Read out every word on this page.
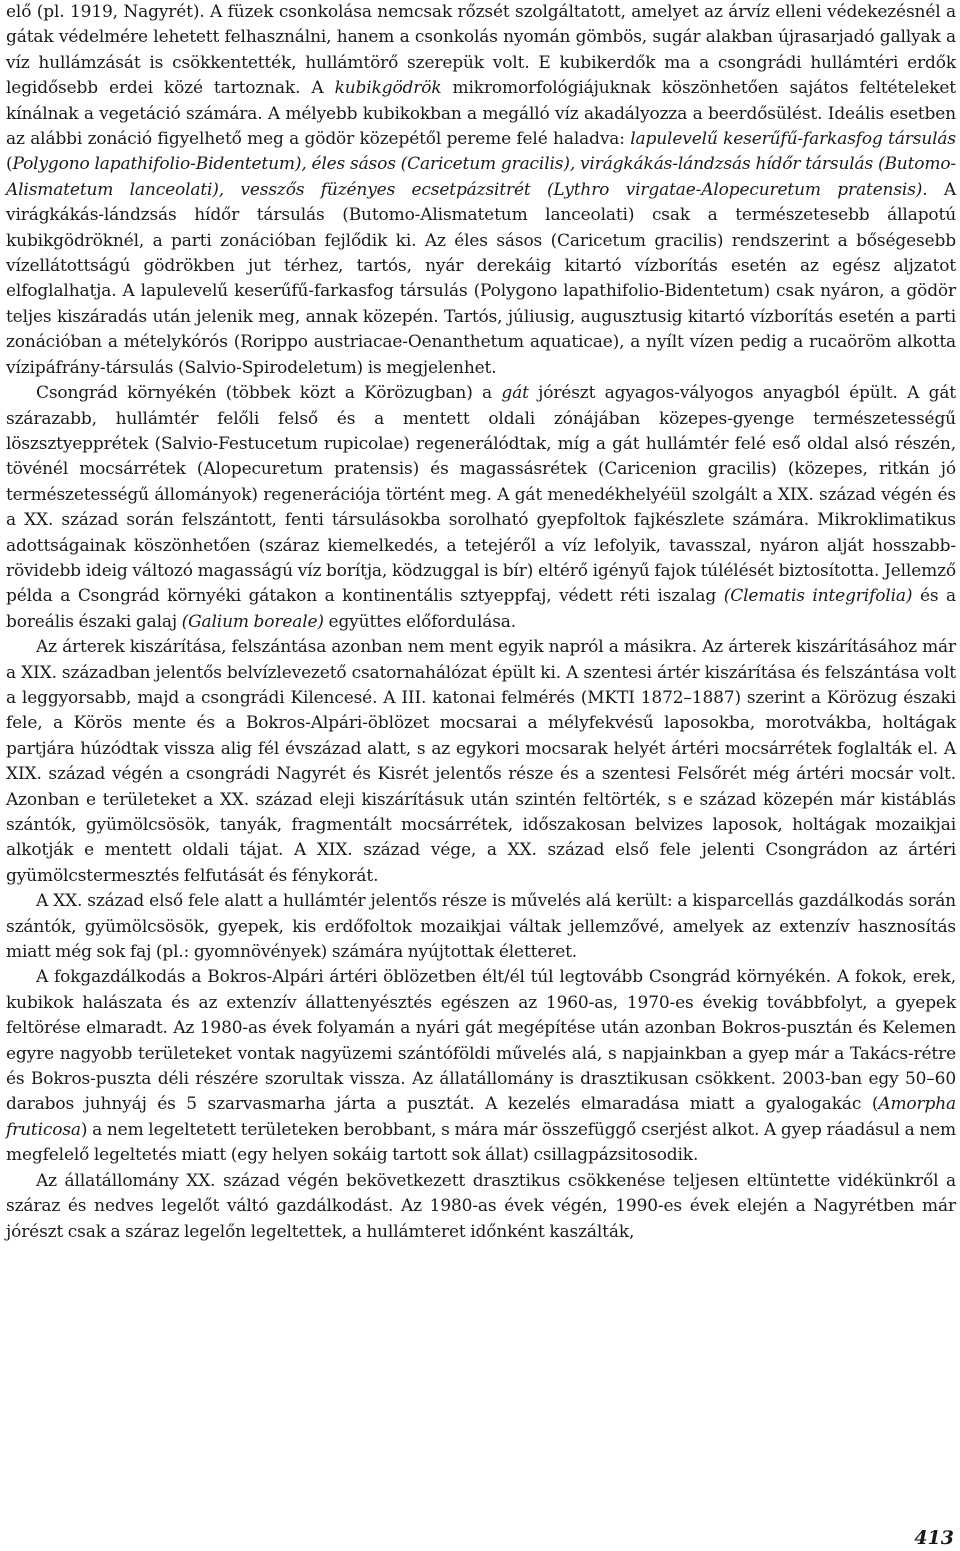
elő (pl. 1919, Nagyrét). A füzek csonkolása nemcsak rőzsét szolgáltatott, amelyet az árvíz elleni védekezésnél a gátak védelmére lehetett felhasználni, hanem a csonkolás nyomán gömbös, sugár alakban újrasarjadó gallyak a víz hullámzását is csökkentették, hullámtörő szerepük volt. E kubikerdők ma a csongrádi hullámtéri erdők legidősebb erdei közé tartoznak. A kubikgödrök mikromorfológiájuknak köszönhetően sajátos feltételeket kínálnak a vegetáció számára. A mélyebb kubikokban a megálló víz akadályozza a beerdősülést. Ideális esetben az alábbi zonáció figyelhető meg a gödör közepétől pereme felé haladva: lapulevelű keserűfű-farkasfog társulás (Polygono lapathifolio-Bidentetum), éles sásos (Caricetum gracilis), virágkákás-lándzsás hídőr társulás (Butomo-Alismatetum lanceolati), vesszős füzényes ecsetpázsitrét (Lythro virgatae-Alopecuretum pratensis). A virágkákás-lándzsás hídőr társulás (Butomo-Alismatetum lanceolati) csak a természetesebb állapotú kubikgödröknél, a parti zonációban fejlődik ki. Az éles sásos (Caricetum gracilis) rendszerint a bőségesebb vízellátottságú gödrökben jut térhez, tartós, nyár derekáig kitartó vízborítás esetén az egész aljzatot elfoglalhatja. A lapulevelű keserűfű-farkasfog társulás (Polygono lapathifolio-Bidentetum) csak nyáron, a gödör teljes kiszáradás után jelenik meg, annak közepén. Tartós, júliusig, augusztusig kitartó vízborítás esetén a parti zonációban a mételykórós (Rorippo austriacae-Oenanthetum aquaticae), a nyílt vízen pedig a rucaöröm alkotta vízipáfrány-társulás (Salvio-Spirodeletum) is megjelenhet.

Csongrád környékén (többek közt a Körözugban) a gát jórészt agyagos-vályogos anyagból épült. A gát szárazabb, hullámtér felőli felső és a mentett oldali zónájában közepes-gyenge természetességű löszsztyepprétek (Salvio-Festucetum rupicolae) regenerálódtak, míg a gát hullámtér felé eső oldal alsó részén, tövénél mocsárrétek (Alopecuretum pratensis) és magassásrétek (Caricenion gracilis) (közepes, ritkán jó természetességű állományok) regenerációja történt meg. A gát menedékhelyéül szolgált a XIX. század végén és a XX. század során felszántott, fenti társulásokba sorolható gyepfoltok fajkészlete számára. Mikroklimatikus adottságainak köszönhetően (száraz kiemelkedés, a tetejéről a víz lefolyik, tavasszal, nyáron alját hosszabb-rövidebb ideig változó magasságú víz borítja, ködzuggal is bír) eltérő igényű fajok túlélését biztosította. Jellemző példa a Csongrád környéki gátakon a kontinentális sztyeppfaj, védett réti iszalag (Clematis integrifolia) és a boreális északi galaj (Galium boreale) együttes előfordulása.

Az árterek kiszárítása, felszántása azonban nem ment egyik napról a másikra. Az árterek kiszárításához már a XIX. században jelentős belvízlevezető csatornahálózat épült ki. A szentesi ártér kiszárítása és felszántása volt a leggyorsabb, majd a csongrádi Kilencesé. A III. katonai felmérés (MKTI 1872–1887) szerint a Körözug északi fele, a Körös mente és a Bokros-Alpári-öblözet mocsarai a mélyfekvésű laposokba, morotvákba, holtágak partjára húzódtak vissza alig fél évszázad alatt, s az egykori mocsarak helyét ártéri mocsárrétek foglalták el. A XIX. század végén a csongrádi Nagyrét és Kisrét jelentős része és a szentesi Felsőrét még ártéri mocsár volt. Azonban e területeket a XX. század eleji kiszárításuk után szintén feltörték, s e század közepén már kistáblás szántók, gyümölcsösök, tanyák, fragmentált mocsárrétek, időszakosan belvizes laposok, holtágak mozaikjai alkotják e mentett oldali tájat. A XIX. század vége, a XX. század első fele jelenti Csongrádon az ártéri gyümölcstermesztés felfutását és fénykorát.

A XX. század első fele alatt a hullámtér jelentős része is művelés alá került: a kisparcellás gazdálkodás során szántók, gyümölcsösök, gyepek, kis erdőfoltok mozaikjai váltak jellemzővé, amelyek az extenzív hasznosítás miatt még sok faj (pl.: gyomnövények) számára nyújtottak életteret.

A fokgazdálkodás a Bokros-Alpári ártéri öblözetben élt/él túl legtovább Csongrád környékén. A fokok, erek, kubikok halászata és az extenzív állattenyésztés egészen az 1960-as, 1970-es évekig továbbfolyt, a gyepek feltörése elmaradt. Az 1980-as évek folyamán a nyári gát megépítése után azonban Bokros-pusztán és Kelemen egyre nagyobb területeket vontak nagyüzemi szántóföldi művelés alá, s napjainkban a gyep már a Takács-rétre és Bokros-puszta déli részére szorultak vissza. Az állatállomány is drasztikusan csökkent. 2003-ban egy 50–60 darabos juhnyáj és 5 szarvasmarha járta a pusztát. A kezelés elmaradása miatt a gyalogakác (Amorpha fruticosa) a nem legeltetett területeken berobbant, s mára már összefüggő cserjést alkot. A gyep ráadásul a nem megfelelő legeltetés miatt (egy helyen sokáig tartott sok állat) csillagpázsitosodik.

Az állatállomány XX. század végén bekövetkezett drasztikus csökkenése teljesen eltüntette vidékünkről a száraz és nedves legelőt váltó gazdálkodást. Az 1980-as évek végén, 1990-es évek elején a Nagyrétben már jórészt csak a száraz legelőn legeltettek, a hullámteret időnként kaszálták,

413
